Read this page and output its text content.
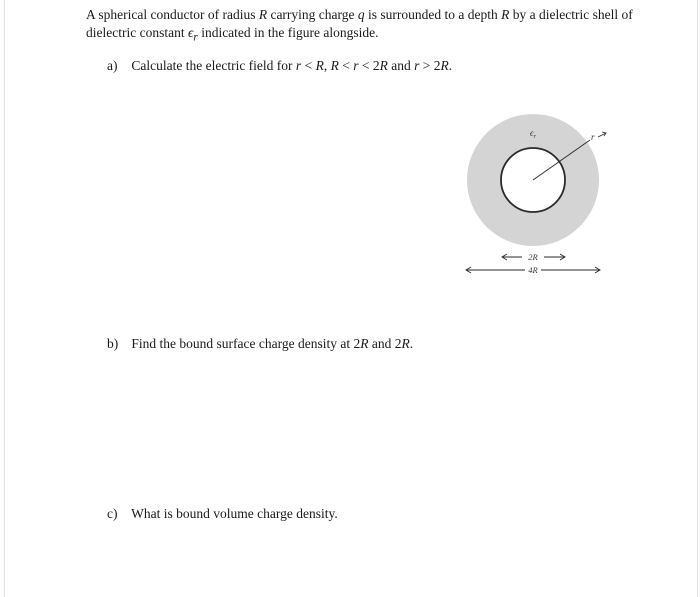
A spherical conductor of radius R carrying charge q is surrounded to a depth R by a dielectric shell of dielectric constant $\epsilon_r$ indicated in the figure alongside.

a) Calculate the electric field for r < R, R < r < 2R and r > 2R.
$\epsilon_r$	r
2R
4R
b) Find the bound surface charge density at 2R and 2R.
c) What is bound volume charge density.
